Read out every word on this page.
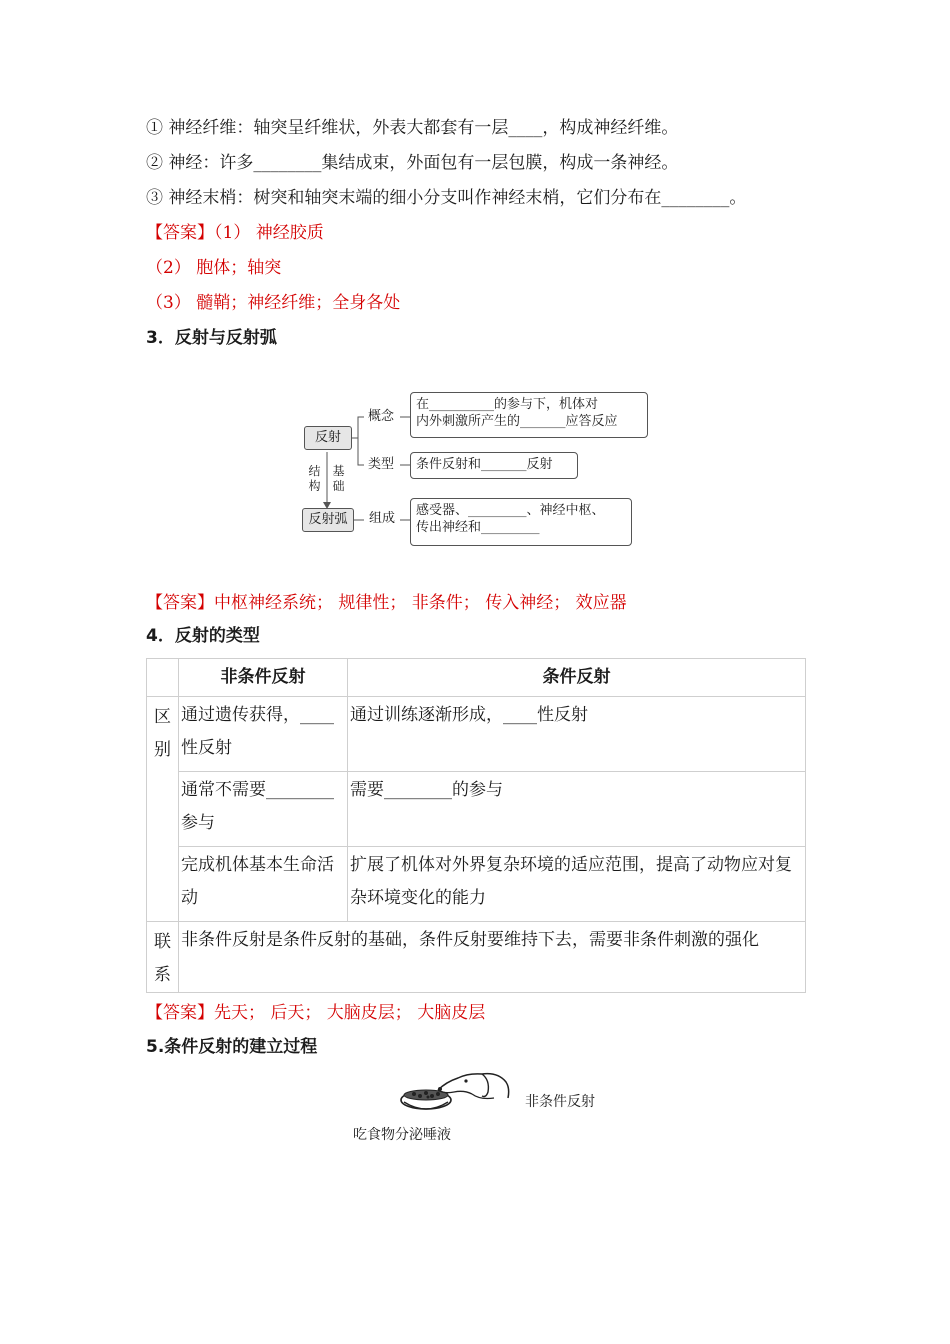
① 神经纤维：轴突呈纤维状，外表大都套有一层____，构成神经纤维。
② 神经：许多________集结成束，外面包有一层包膜，构成一条神经。
③ 神经末梢：树突和轴突末端的细小分支叫作神经末梢，它们分布在________。
【答案】（1） 神经胶质
（2） 胞体；轴突
（3） 髓鞘；神经纤维；全身各处
3．反射与反射弧
反射
反射弧
结构
基础
概念
类型
组成
在__________的参与下，机体对
内外刺激所产生的_______应答反应
条件反射和_______反射
感受器、_________、神经中枢、
传出神经和_________
【答案】中枢神经系统； 规律性； 非条件； 传入神经； 效应器
4．反射的类型
	非条件反射	条件反射

区别	通过遗传获得，____性反射	通过训练逐渐形成，____性反射
	通常不需要________参与	需要________的参与
	完成机体基本生命活动	扩展了机体对外界复杂环境的适应范围，提高了动物应对复杂环境变化的能力

联系	非条件反射是条件反射的基础，条件反射要维持下去，需要非条件刺激的强化	
【答案】先天； 后天； 大脑皮层； 大脑皮层
5.条件反射的建立过程
非条件反射
吃食物分泌唾液
